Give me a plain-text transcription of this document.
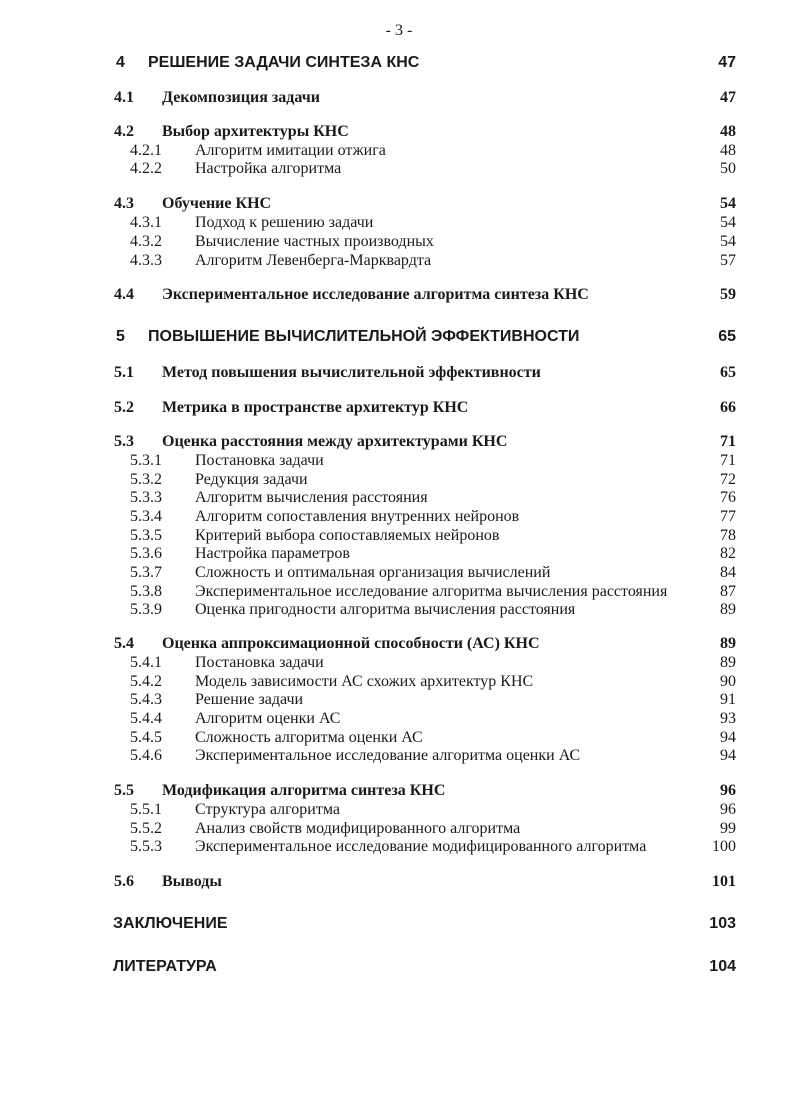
- 3 -
4 РЕШЕНИЕ ЗАДАЧИ СИНТЕЗА КНС	47
4.1 Декомпозиция задачи	47
4.2 Выбор архитектуры КНС	48
4.2.1 Алгоритм имитации отжига	48
4.2.2 Настройка алгоритма	50
4.3 Обучение КНС	54
4.3.1 Подход к решению задачи	54
4.3.2 Вычисление частных производных	54
4.3.3 Алгоритм Левенберга-Марквардта	57
4.4 Экспериментальное исследование алгоритма синтеза КНС	59
5 ПОВЫШЕНИЕ ВЫЧИСЛИТЕЛЬНОЙ ЭФФЕКТИВНОСТИ	65
5.1 Метод повышения вычислительной эффективности	65
5.2 Метрика в пространстве архитектур КНС	66
5.3 Оценка расстояния между архитектурами КНС	71
5.3.1 Постановка задачи	71
5.3.2 Редукция задачи	72
5.3.3 Алгоритм вычисления расстояния	76
5.3.4 Алгоритм сопоставления внутренних нейронов	77
5.3.5 Критерий выбора сопоставляемых нейронов	78
5.3.6 Настройка параметров	82
5.3.7 Сложность и оптимальная организация вычислений	84
5.3.8 Экспериментальное исследование алгоритма вычисления расстояния	87
5.3.9 Оценка пригодности алгоритма вычисления расстояния	89
5.4 Оценка аппроксимационной способности (АС) КНС	89
5.4.1 Постановка задачи	89
5.4.2 Модель зависимости АС схожих архитектур КНС	90
5.4.3 Решение задачи	91
5.4.4 Алгоритм оценки АС	93
5.4.5 Сложность алгоритма оценки АС	94
5.4.6 Экспериментальное исследование алгоритма оценки АС	94
5.5 Модификация алгоритма синтеза КНС	96
5.5.1 Структура алгоритма	96
5.5.2 Анализ свойств модифицированного алгоритма	99
5.5.3 Экспериментальное исследование модифицированного алгоритма	100
5.6 Выводы	101
ЗАКЛЮЧЕНИЕ	103
ЛИТЕРАТУРА	104
